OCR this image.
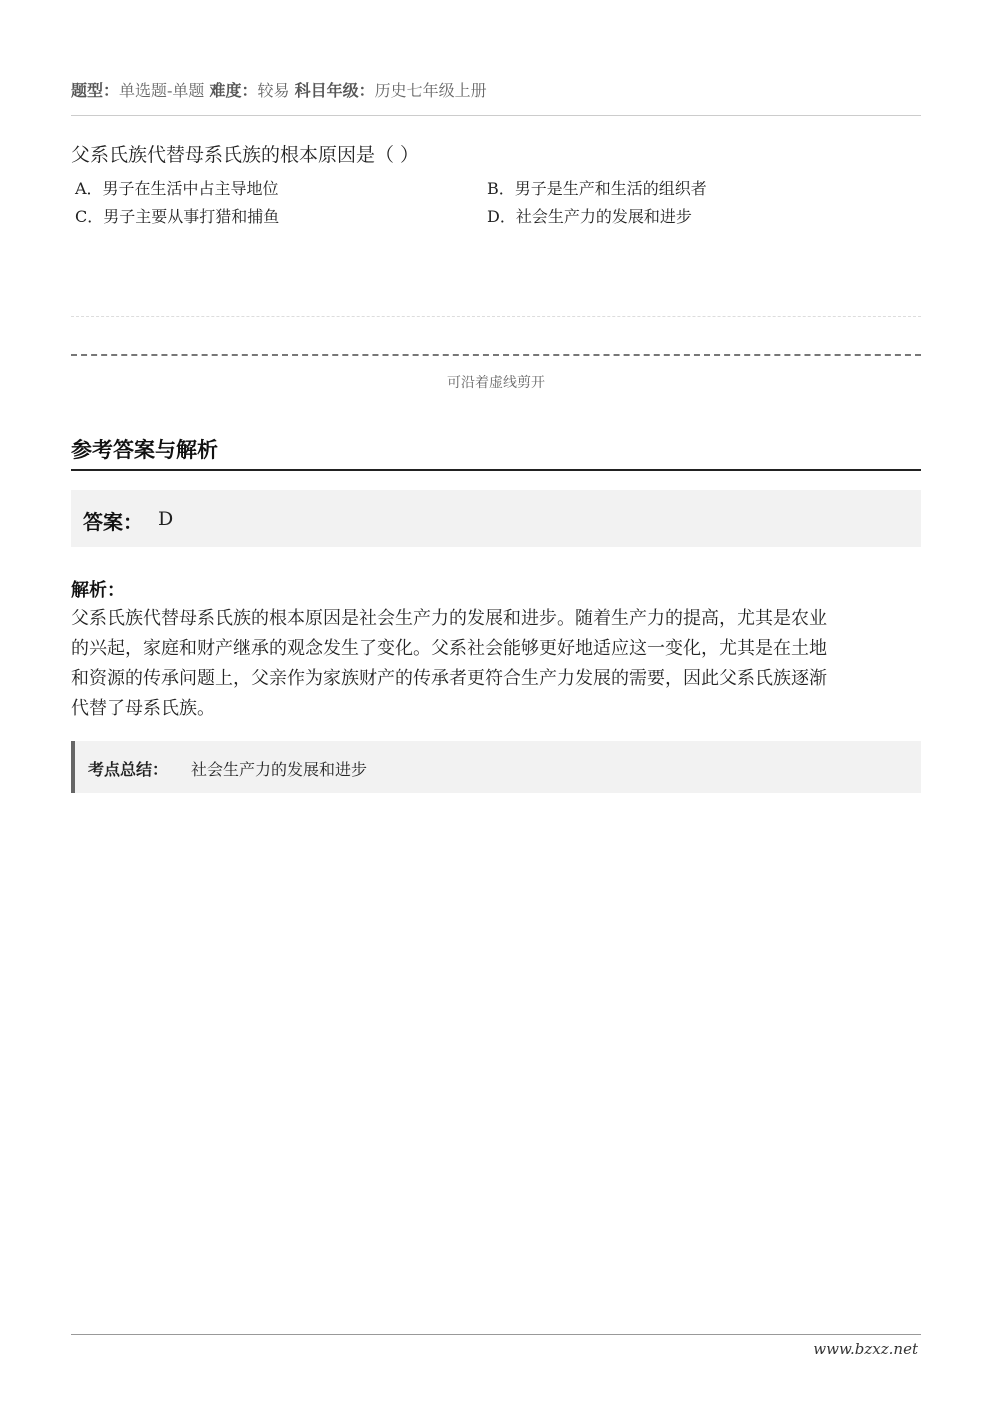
题型：单选题-单题 难度：较易 科目年级：历史七年级上册
父系氏族代替母系氏族的根本原因是（ ）
A．男子在生活中占主导地位	B．男子是生产和生活的组织者
C．男子主要从事打猎和捕鱼	D．社会生产力的发展和进步
可沿着虚线剪开
参考答案与解析
答案： D
解析：
父系氏族代替母系氏族的根本原因是社会生产力的发展和进步。随着生产力的提高，尤其是农业
的兴起，家庭和财产继承的观念发生了变化。父系社会能够更好地适应这一变化，尤其是在土地
和资源的传承问题上，父亲作为家族财产的传承者更符合生产力发展的需要，因此父系氏族逐渐
代替了母系氏族。
考点总结： 社会生产力的发展和进步
www.bzxz.net
